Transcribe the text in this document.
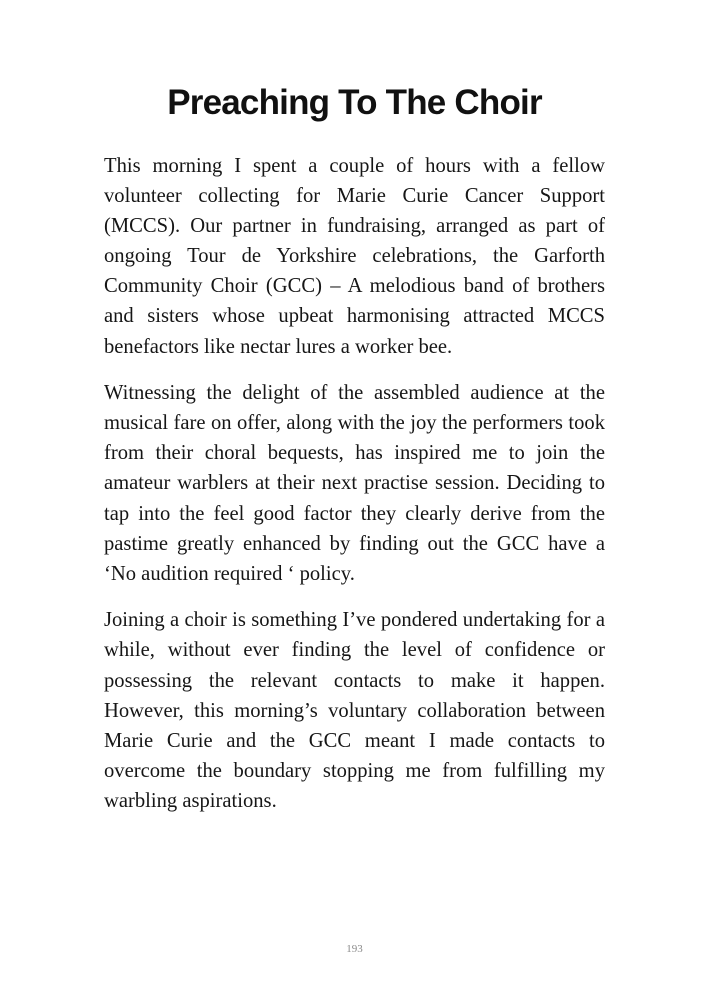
Preaching To The Choir

This morning I spent a couple of hours with a fellow volunteer collecting for Marie Curie Cancer Support (MCCS). Our partner in fundraising, arranged as part of ongoing Tour de Yorkshire celebrations, the Garforth Community Choir (GCC) – A melodious band of brothers and sisters whose upbeat harmonising attracted MCCS benefactors like nectar lures a worker bee.

Witnessing the delight of the assembled audience at the musical fare on offer, along with the joy the performers took from their choral bequests, has inspired me to join the amateur warblers at their next practise session. Deciding to tap into the feel good factor they clearly derive from the pastime greatly enhanced by finding out the GCC have a ‘No audition required ‘ policy.

Joining a choir is something I’ve pondered undertaking for a while, without ever finding the level of confidence or possessing the relevant contacts to make it happen. However, this morning’s voluntary collaboration between Marie Curie and the GCC meant I made contacts to overcome the boundary stopping me from fulfilling my warbling aspirations.

193
